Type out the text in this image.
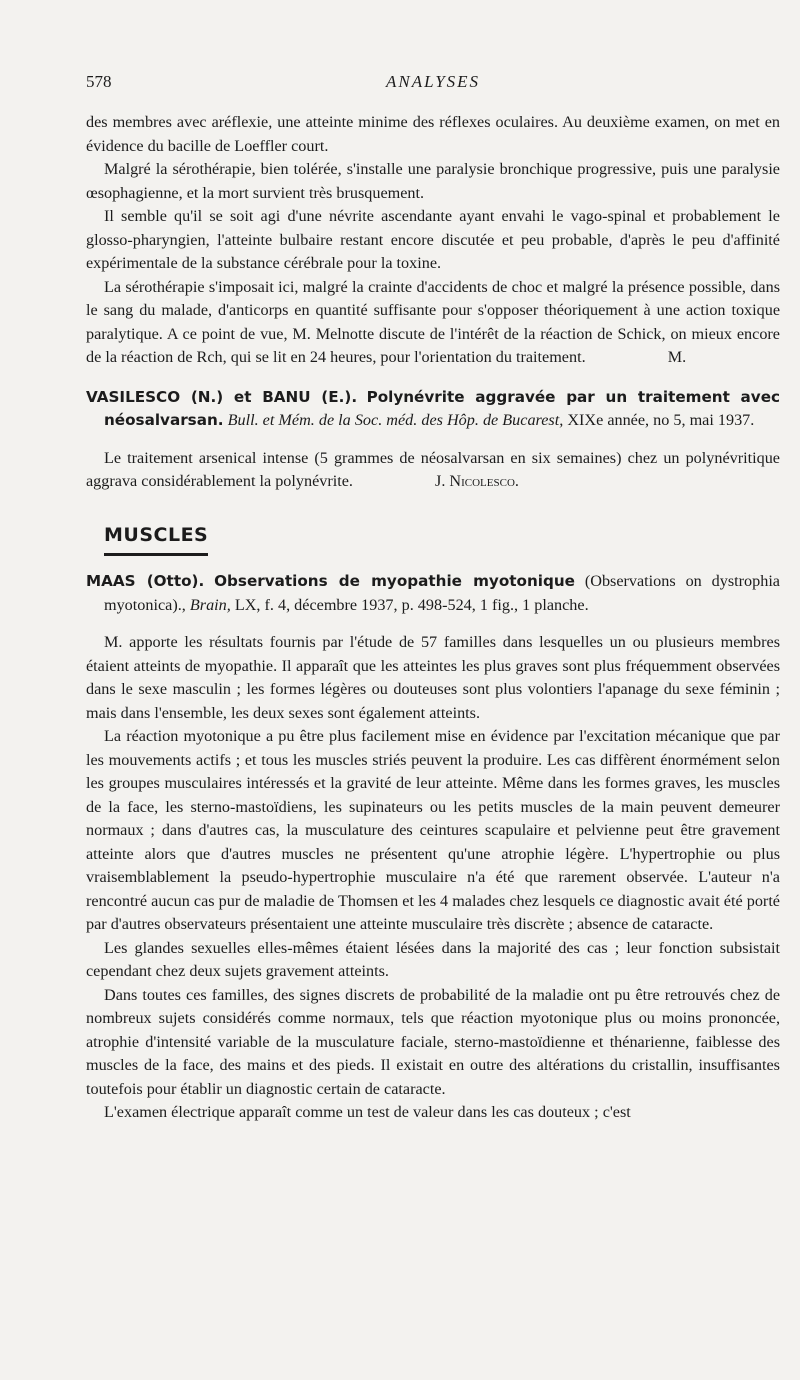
578	ANALYSES

des membres avec aréflexie, une atteinte minime des réflexes oculaires. Au deuxième examen, on met en évidence du bacille de Loeffler court.

Malgré la sérothérapie, bien tolérée, s'installe une paralysie bronchique progressive, puis une paralysie œsophagienne, et la mort survient très brusquement.

Il semble qu'il se soit agi d'une névrite ascendante ayant envahi le vago-spinal et probablement le glosso-pharyngien, l'atteinte bulbaire restant encore discutée et peu probable, d'après le peu d'affinité expérimentale de la substance cérébrale pour la toxine.

La sérothérapie s'imposait ici, malgré la crainte d'accidents de choc et malgré la présence possible, dans le sang du malade, d'anticorps en quantité suffisante pour s'opposer théoriquement à une action toxique paralytique. A ce point de vue, M. Melnotte discute de l'intérêt de la réaction de Schick, on mieux encore de la réaction de Rch, qui se lit en 24 heures, pour l'orientation du traitement.	M.

VASILESCO (N.) et BANU (E.). Polynévrite aggravée par un traitement avec néosalvarsan. Bull. et Mém. de la Soc. méd. des Hôp. de Bucarest, XIXe année, no 5, mai 1937.

Le traitement arsenical intense (5 grammes de néosalvarsan en six semaines) chez un polynévritique aggrava considérablement la polynévrite.	J. Nicolesco.

MUSCLES

MAAS (Otto). Observations de myopathie myotonique (Observations on dystrophia myotonica)., Brain, LX, f. 4, décembre 1937, p. 498-524, 1 fig., 1 planche.

M. apporte les résultats fournis par l'étude de 57 familles dans lesquelles un ou plusieurs membres étaient atteints de myopathie. Il apparaît que les atteintes les plus graves sont plus fréquemment observées dans le sexe masculin ; les formes légères ou douteuses sont plus volontiers l'apanage du sexe féminin ; mais dans l'ensemble, les deux sexes sont également atteints.

La réaction myotonique a pu être plus facilement mise en évidence par l'excitation mécanique que par les mouvements actifs ; et tous les muscles striés peuvent la produire. Les cas diffèrent énormément selon les groupes musculaires intéressés et la gravité de leur atteinte. Même dans les formes graves, les muscles de la face, les sterno-mastoïdiens, les supinateurs ou les petits muscles de la main peuvent demeurer normaux ; dans d'autres cas, la musculature des ceintures scapulaire et pelvienne peut être gravement atteinte alors que d'autres muscles ne présentent qu'une atrophie légère. L'hypertrophie ou plus vraisemblablement la pseudo-hypertrophie musculaire n'a été que rarement observée. L'auteur n'a rencontré aucun cas pur de maladie de Thomsen et les 4 malades chez lesquels ce diagnostic avait été porté par d'autres observateurs présentaient une atteinte musculaire très discrète ; absence de cataracte.

Les glandes sexuelles elles-mêmes étaient lésées dans la majorité des cas ; leur fonction subsistait cependant chez deux sujets gravement atteints.

Dans toutes ces familles, des signes discrets de probabilité de la maladie ont pu être retrouvés chez de nombreux sujets considérés comme normaux, tels que réaction myotonique plus ou moins prononcée, atrophie d'intensité variable de la musculature faciale, sterno-mastoïdienne et thénarienne, faiblesse des muscles de la face, des mains et des pieds. Il existait en outre des altérations du cristallin, insuffisantes toutefois pour établir un diagnostic certain de cataracte.

L'examen électrique apparaît comme un test de valeur dans les cas douteux ; c'est
